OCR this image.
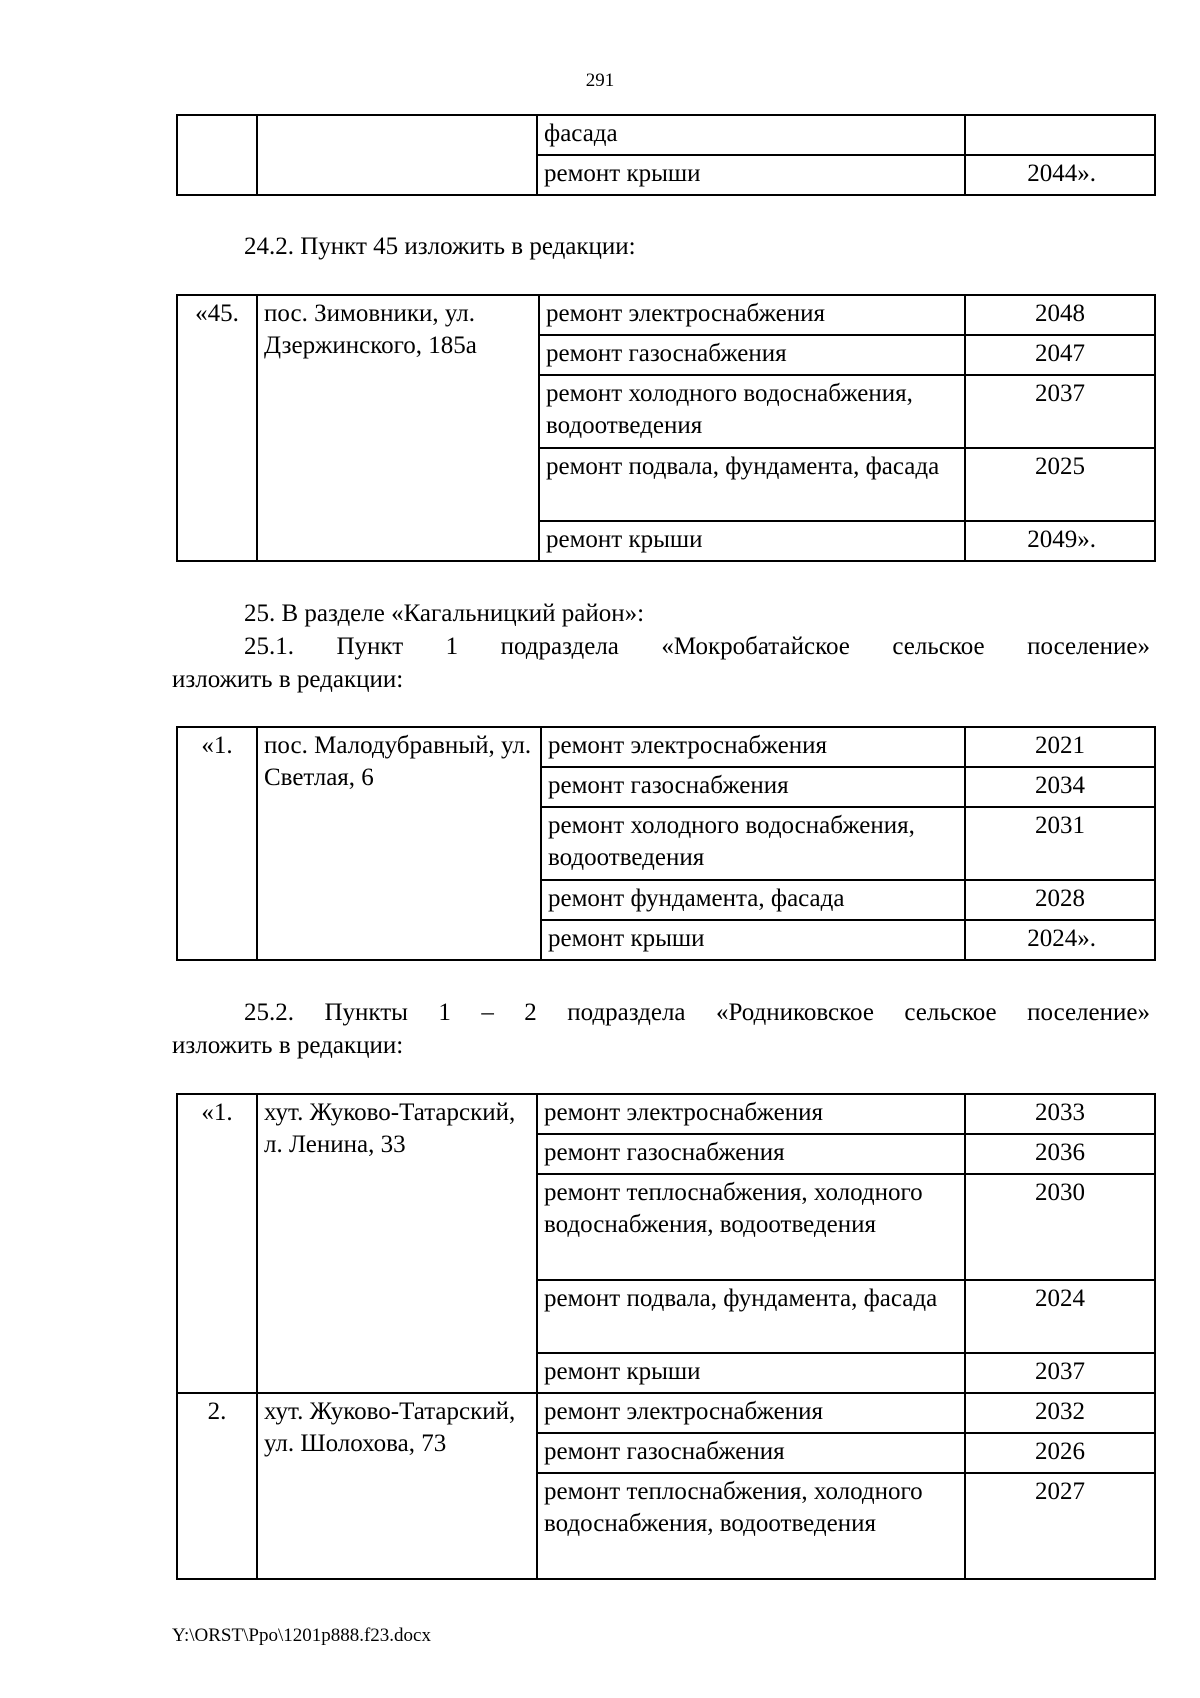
291
		фасада	
		ремонт крыши	2044».
24.2. Пункт 45 изложить в редакции:
«45.	пос. Зимовники, ул. Дзержинского, 185а	ремонт электроснабжения	2048
		ремонт газоснабжения	2047
		ремонт холодного водоснабжения, водоотведения	2037
		ремонт подвала, фундамента, фасада	2025
		ремонт крыши	2049».
25. В разделе «Кагальницкий район»:
25.1. Пункт 1 подраздела «Мокробатайское сельское поселение»
изложить в редакции:
«1.	пос. Малодубравный, ул. Светлая, 6	ремонт электроснабжения	2021
		ремонт газоснабжения	2034
		ремонт холодного водоснабжения, водоотведения	2031
		ремонт фундамента, фасада	2028
		ремонт крыши	2024».
25.2. Пункты 1 – 2 подраздела «Родниковское сельское поселение»
изложить в редакции:
«1.	хут. Жуково-Татарский, л. Ленина, 33	ремонт электроснабжения	2033
		ремонт газоснабжения	2036
		ремонт теплоснабжения, холодного водоснабжения, водоотведения	2030
		ремонт подвала, фундамента, фасада	2024
		ремонт крыши	2037
2.	хут. Жуково-Татарский, ул. Шолохова, 73	ремонт электроснабжения	2032
		ремонт газоснабжения	2026
		ремонт теплоснабжения, холодного водоснабжения, водоотведения	2027
Y:\ORST\Ppo\1201p888.f23.docx
